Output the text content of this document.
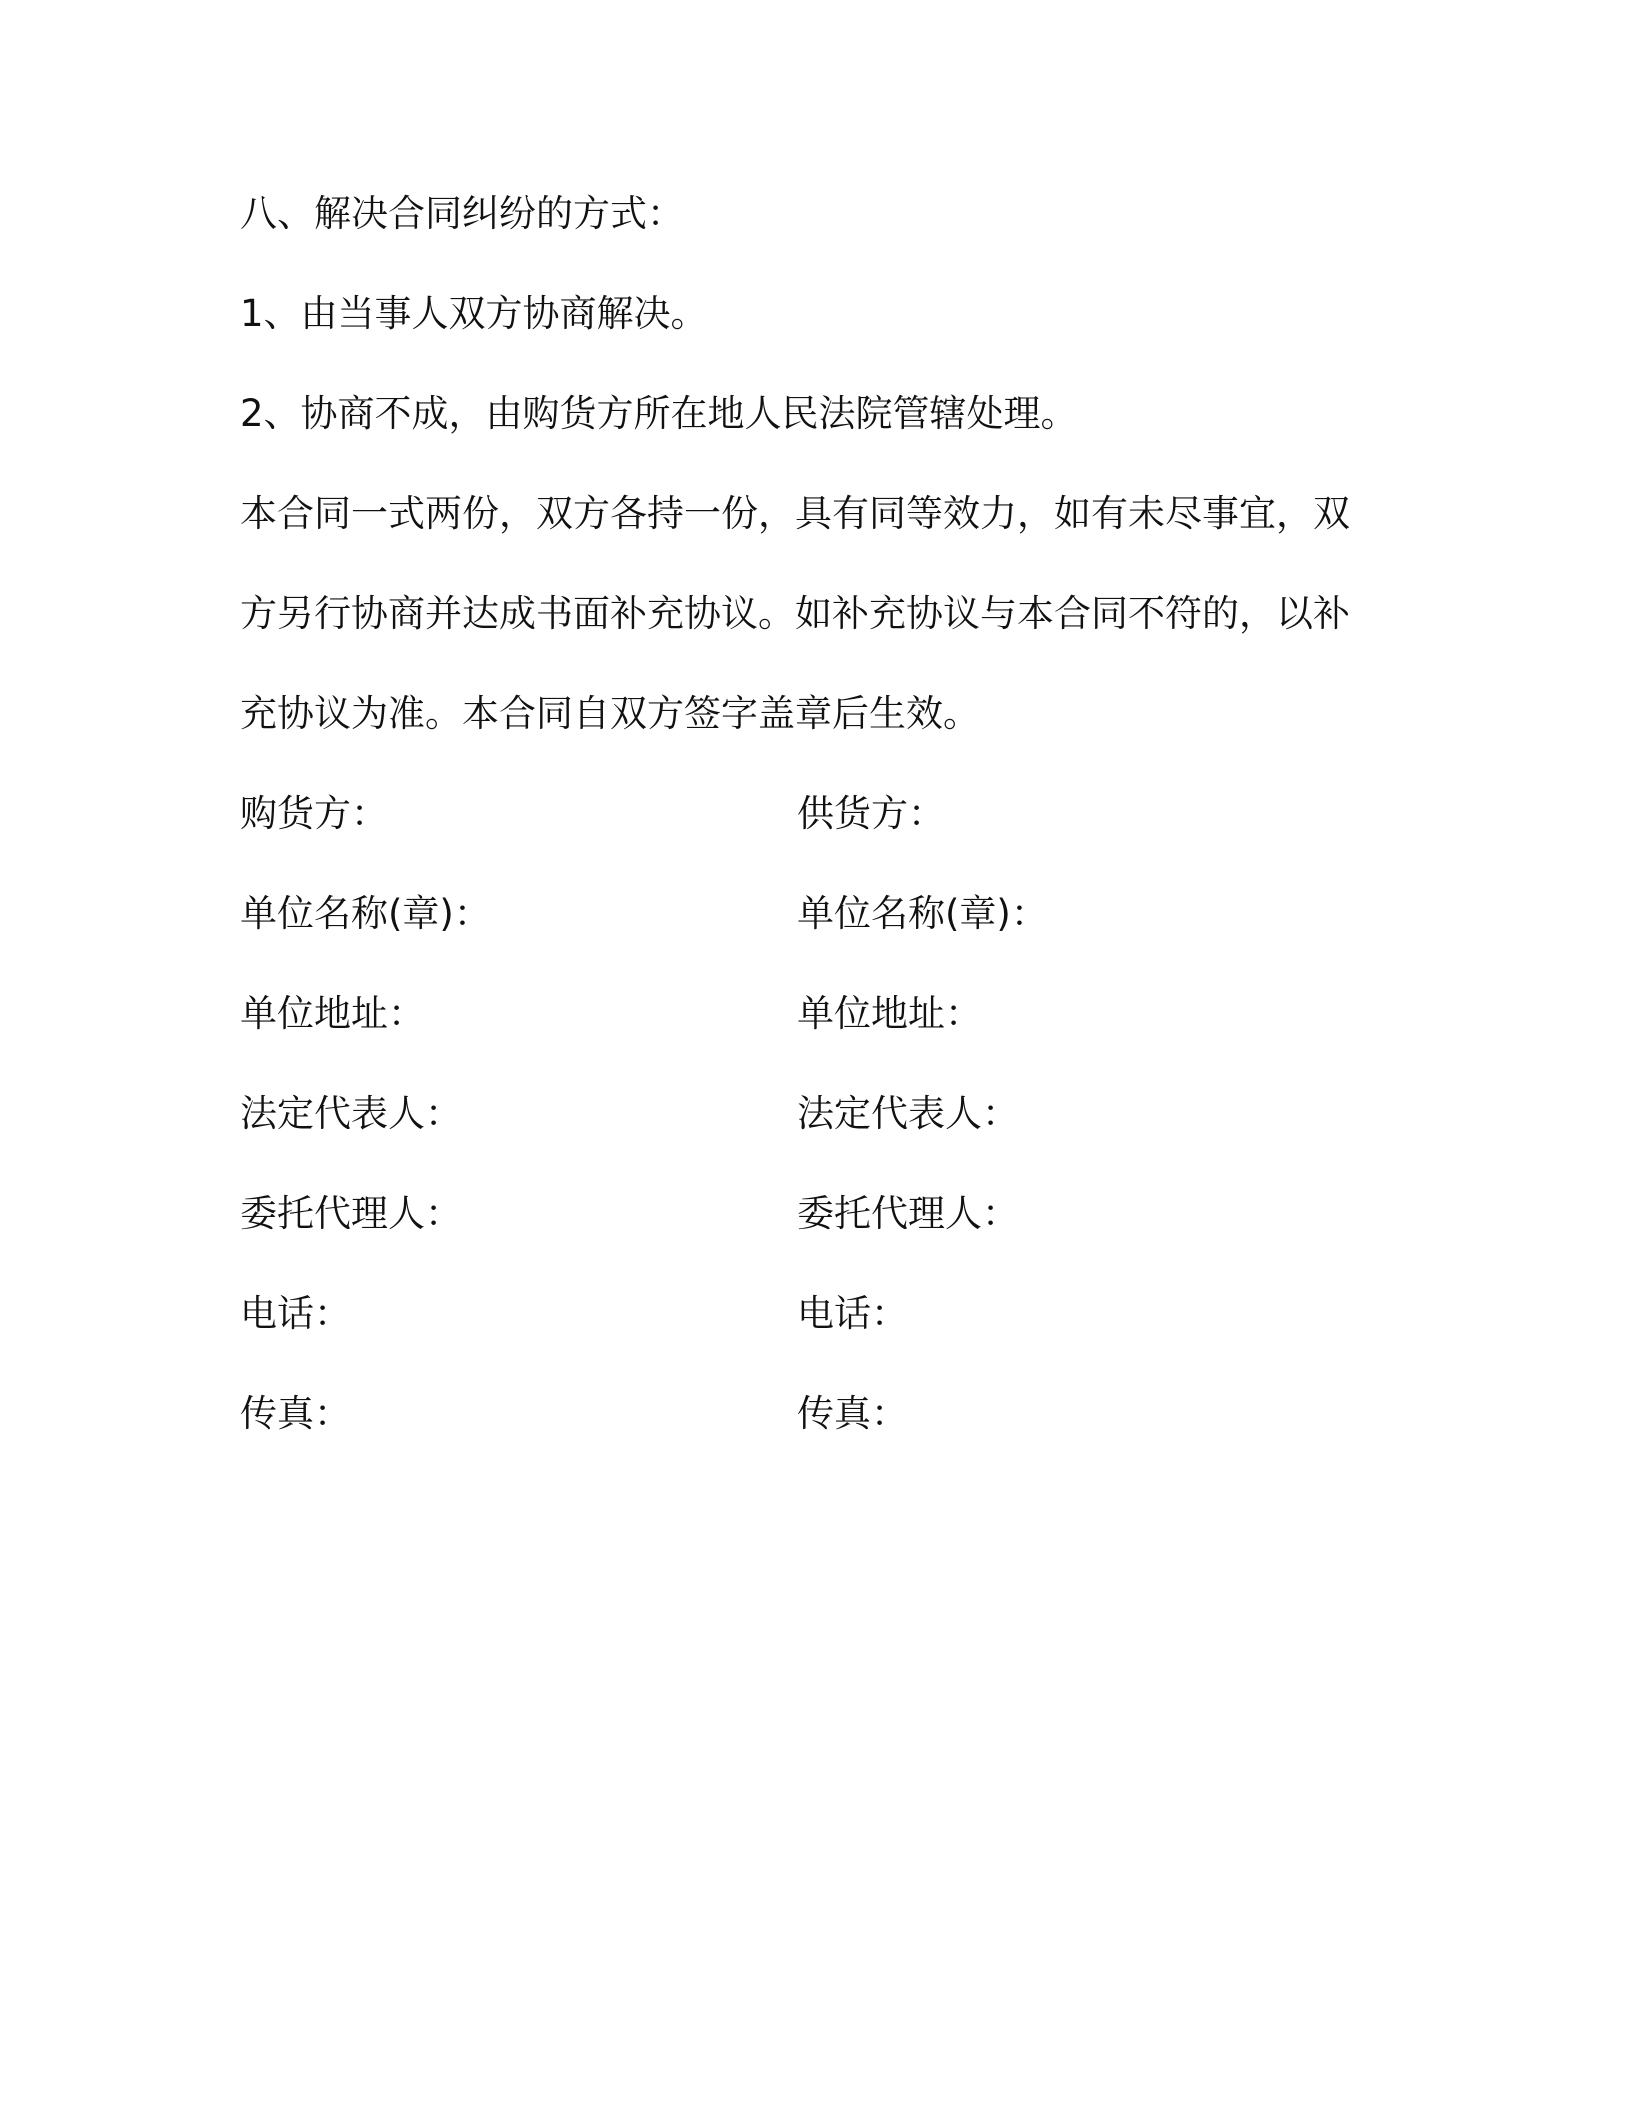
八、解决合同纠纷的方式：
1、由当事人双方协商解决。
2、协商不成，由购货方所在地人民法院管辖处理。
本合同一式两份，双方各持一份，具有同等效力，如有未尽事宜，双
方另行协商并达成书面补充协议。如补充协议与本合同不符的，以补
充协议为准。本合同自双方签字盖章后生效。
购货方：	供货方：
单位名称(章)：	单位名称(章)：
单位地址：	单位地址：
法定代表人：	法定代表人：
委托代理人：	委托代理人：
电话：	电话：
传真：	传真：
